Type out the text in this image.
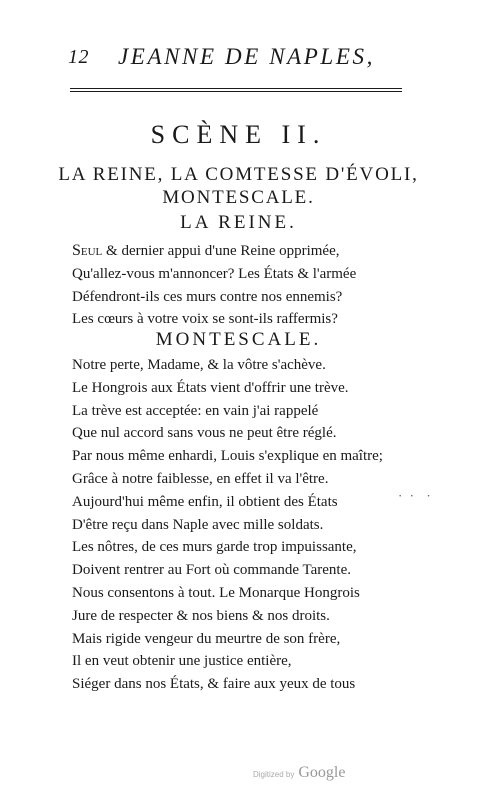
12 JEANNE DE NAPLES,
SCÈNE II.
LA REINE, LA COMTESSE D'ÉVOLI,
MONTESCALE.
LA REINE.
Seul & dernier appui d'une Reine opprimée,
Qu'allez-vous m'annoncer? Les États & l'armée
Défendront-ils ces murs contre nos ennemis?
Les cœurs à votre voix se sont-ils raffermis?
MONTESCALE.
Notre perte, Madame, & la vôtre s'achève.
Le Hongrois aux États vient d'offrir une trève.
La trève est acceptée: en vain j'ai rappelé
Que nul accord sans vous ne peut être réglé.
Par nous même enhardi, Louis s'explique en maître;
Grâce à notre faiblesse, en effet il va l'être.
Aujourd'hui même enfin, il obtient des États
D'être reçu dans Naple avec mille soldats.
Les nôtres, de ces murs garde trop impuissante,
Doivent rentrer au Fort où commande Tarente.
Nous consentons à tout. Le Monarque Hongrois
Jure de respecter & nos biens & nos droits.
Mais rigide vengeur du meurtre de son frère,
Il en veut obtenir une justice entière,
Siéger dans nos États, & faire aux yeux de tous
· ·  ·
Digitized by Google
